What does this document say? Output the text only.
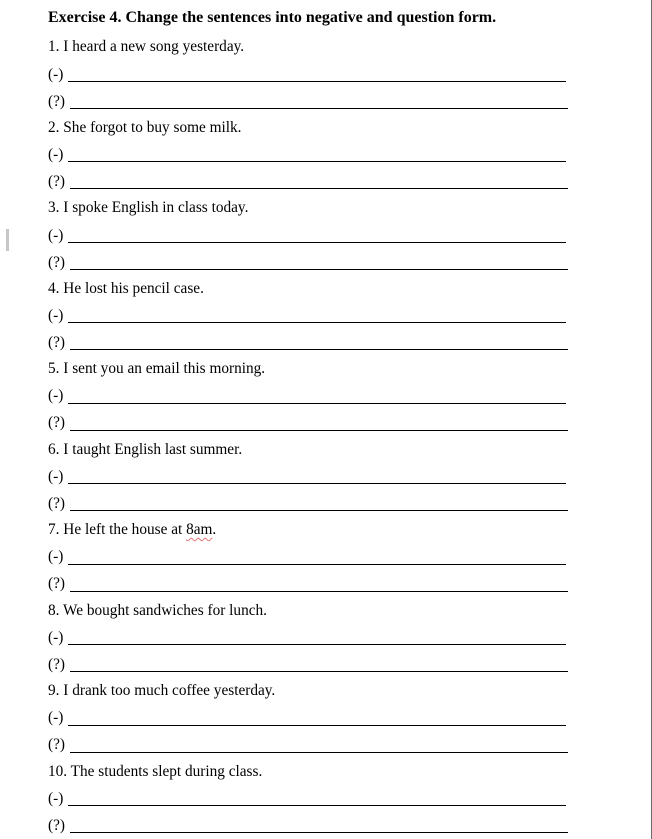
Exercise 4. Change the sentences into negative and question form.
1. I heard a new song yesterday.
(-)
(?)
2. She forgot to buy some milk.
(-)
(?)
3. I spoke English in class today.
(-)
(?)
4. He lost his pencil case.
(-)
(?)
5. I sent you an email this morning.
(-)
(?)
6. I taught English last summer.
(-)
(?)
7. He left the house at 8am.
(-)
(?)
8. We bought sandwiches for lunch.
(-)
(?)
9. I drank too much coffee yesterday.
(-)
(?)
10. The students slept during class.
(-)
(?)
